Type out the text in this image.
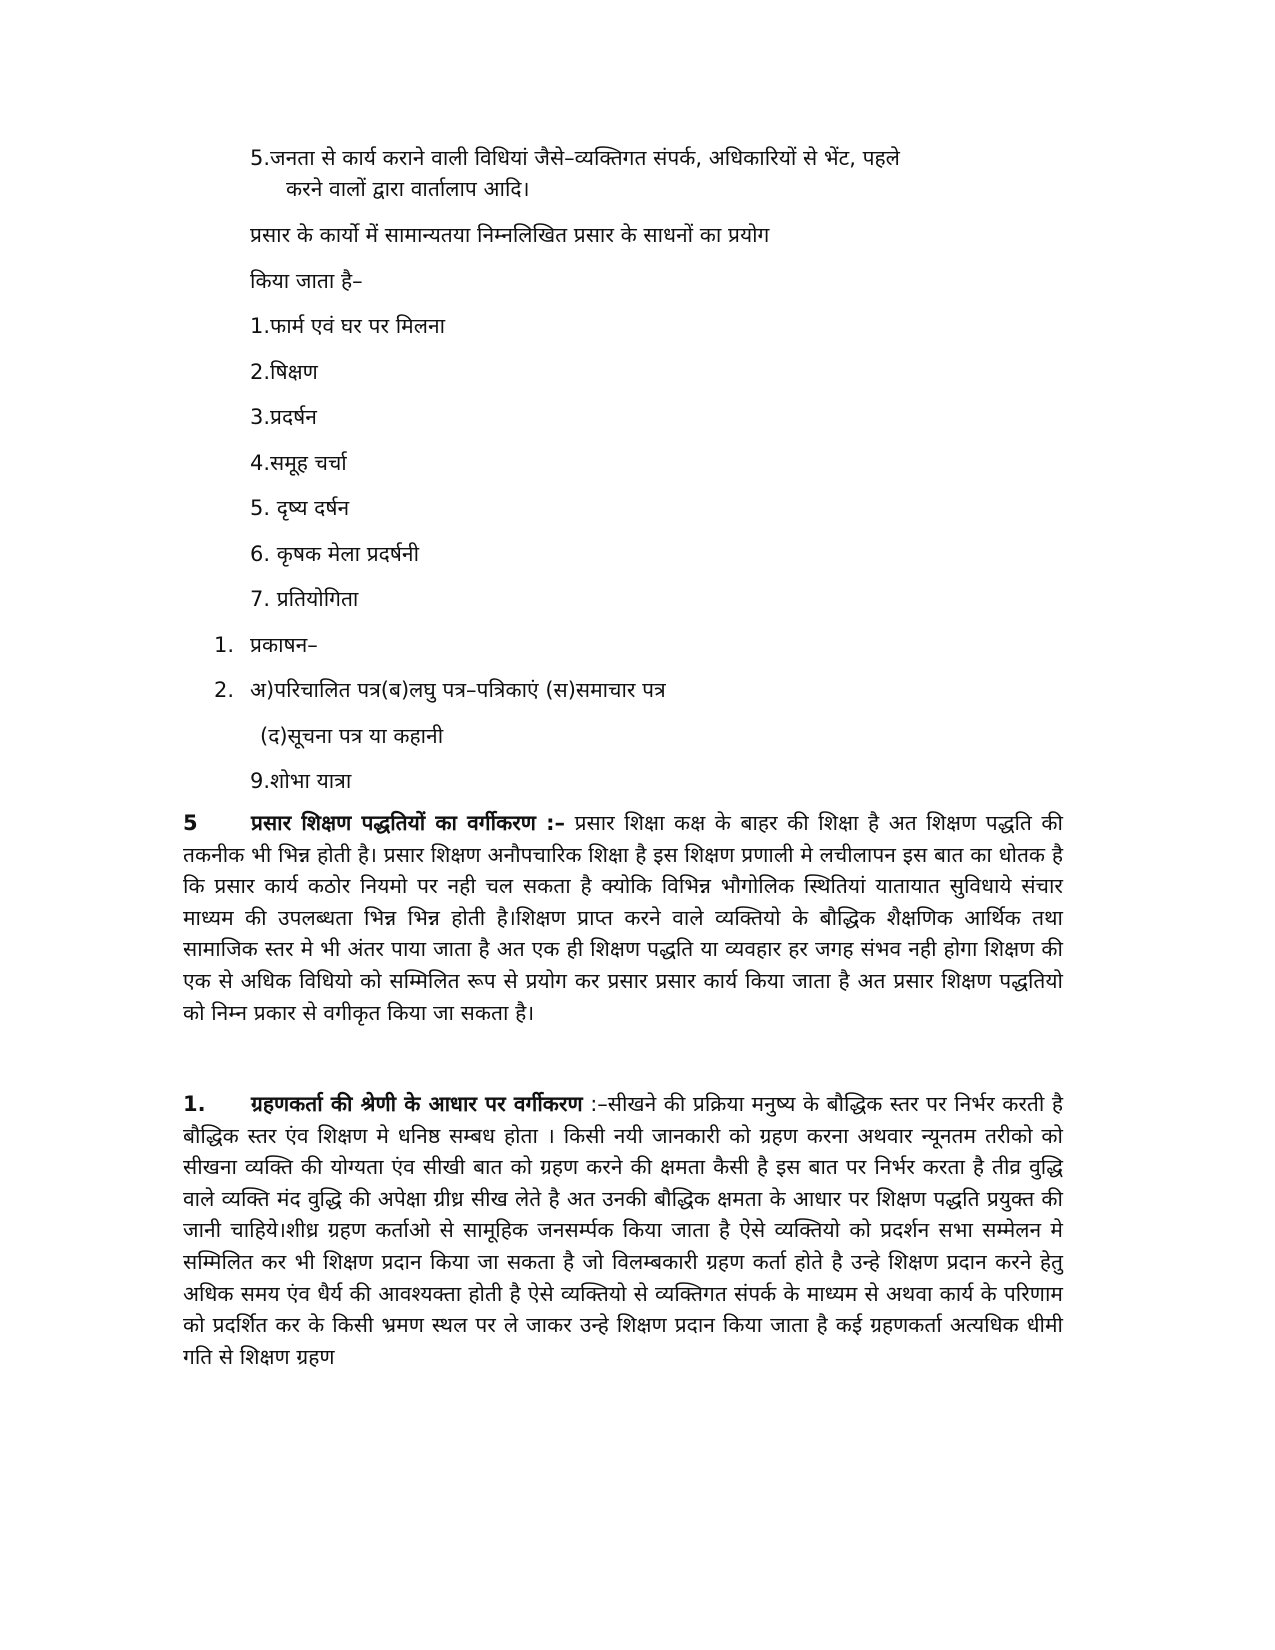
5.जनता से कार्य कराने वाली विधियां जैसे–व्यक्तिगत संपर्क, अधिकारियों से भेंट, पहले
करने वालों द्वारा वार्तालाप आदि।
प्रसार के कार्यो में सामान्यतया निम्नलिखित प्रसार के साधनों का प्रयोग
किया जाता है–
1.फार्म एवं घर पर मिलना
2.षिक्षण
3.प्रदर्षन
4.समूह चर्चा
5. दृष्य दर्षन
6. कृषक मेला प्रदर्षनी
7. प्रतियोगिता
1. प्रकाषन–
2. अ)परिचालित पत्र(ब)लघु पत्र–पत्रिकाएं (स)समाचार पत्र
(द)सूचना पत्र या कहानी
9.शोभा यात्रा
5	प्रसार शिक्षण पद्धतियों का वर्गीकरण :– प्रसार शिक्षा कक्ष के बाहर की शिक्षा है अत शिक्षण पद्धति की तकनीक भी भिन्न होती है। प्रसार शिक्षण अनौपचारिक शिक्षा है इस शिक्षण प्रणाली मे लचीलापन इस बात का धोतक है कि प्रसार कार्य कठोर नियमो पर नही चल सकता है क्योकि विभिन्न भौगोलिक स्थितियां यातायात सुविधाये संचार माध्यम की उपलब्धता भिन्न भिन्न होती है।शिक्षण प्राप्त करने वाले व्यक्तियो के बौद्धिक शैक्षणिक आर्थिक तथा सामाजिक स्तर मे भी अंतर पाया जाता है अत एक ही शिक्षण पद्धति या व्यवहार हर जगह संभव नही होगा शिक्षण की एक से अधिक विधियो को सम्मिलित रूप से प्रयोग कर प्रसार प्रसार कार्य किया जाता है अत प्रसार शिक्षण पद्धतियो को निम्न प्रकार से वगीकृत किया जा सकता है।
1. ग्रहणकर्ता की श्रेणी के आधार पर वर्गीकरण :–सीखने की प्रक्रिया मनुष्य के बौद्धिक स्तर पर निर्भर करती है बौद्धिक स्तर एंव शिक्षण मे धनिष्ठ सम्बध होता । किसी नयी जानकारी को ग्रहण करना अथवार न्यूनतम तरीको को सीखना व्यक्ति की योग्यता एंव सीखी बात को ग्रहण करने की क्षमता कैसी है इस बात पर निर्भर करता है तीव्र वुद्धि वाले व्यक्ति मंद वुद्धि की अपेक्षा ग्रीध्र सीख लेते है अत उनकी बौद्धिक क्षमता के आधार पर शिक्षण पद्धति प्रयुक्त की जानी चाहिये।शीध्र ग्रहण कर्ताओ से सामूहिक जनसर्म्पक किया जाता है ऐसे व्यक्तियो को प्रदर्शन सभा सम्मेलन मे सम्मिलित कर भी शिक्षण प्रदान किया जा सकता है जो विलम्बकारी ग्रहण कर्ता होते है उन्हे शिक्षण प्रदान करने हेतु अधिक समय एंव धैर्य की आवश्यक्ता होती है ऐसे व्यक्तियो से व्यक्तिगत संपर्क के माध्यम से अथवा कार्य के परिणाम को प्रदर्शित कर के किसी भ्रमण स्थल पर ले जाकर उन्हे शिक्षण प्रदान किया जाता है कई ग्रहणकर्ता अत्यधिक धीमी गति से शिक्षण ग्रहण
